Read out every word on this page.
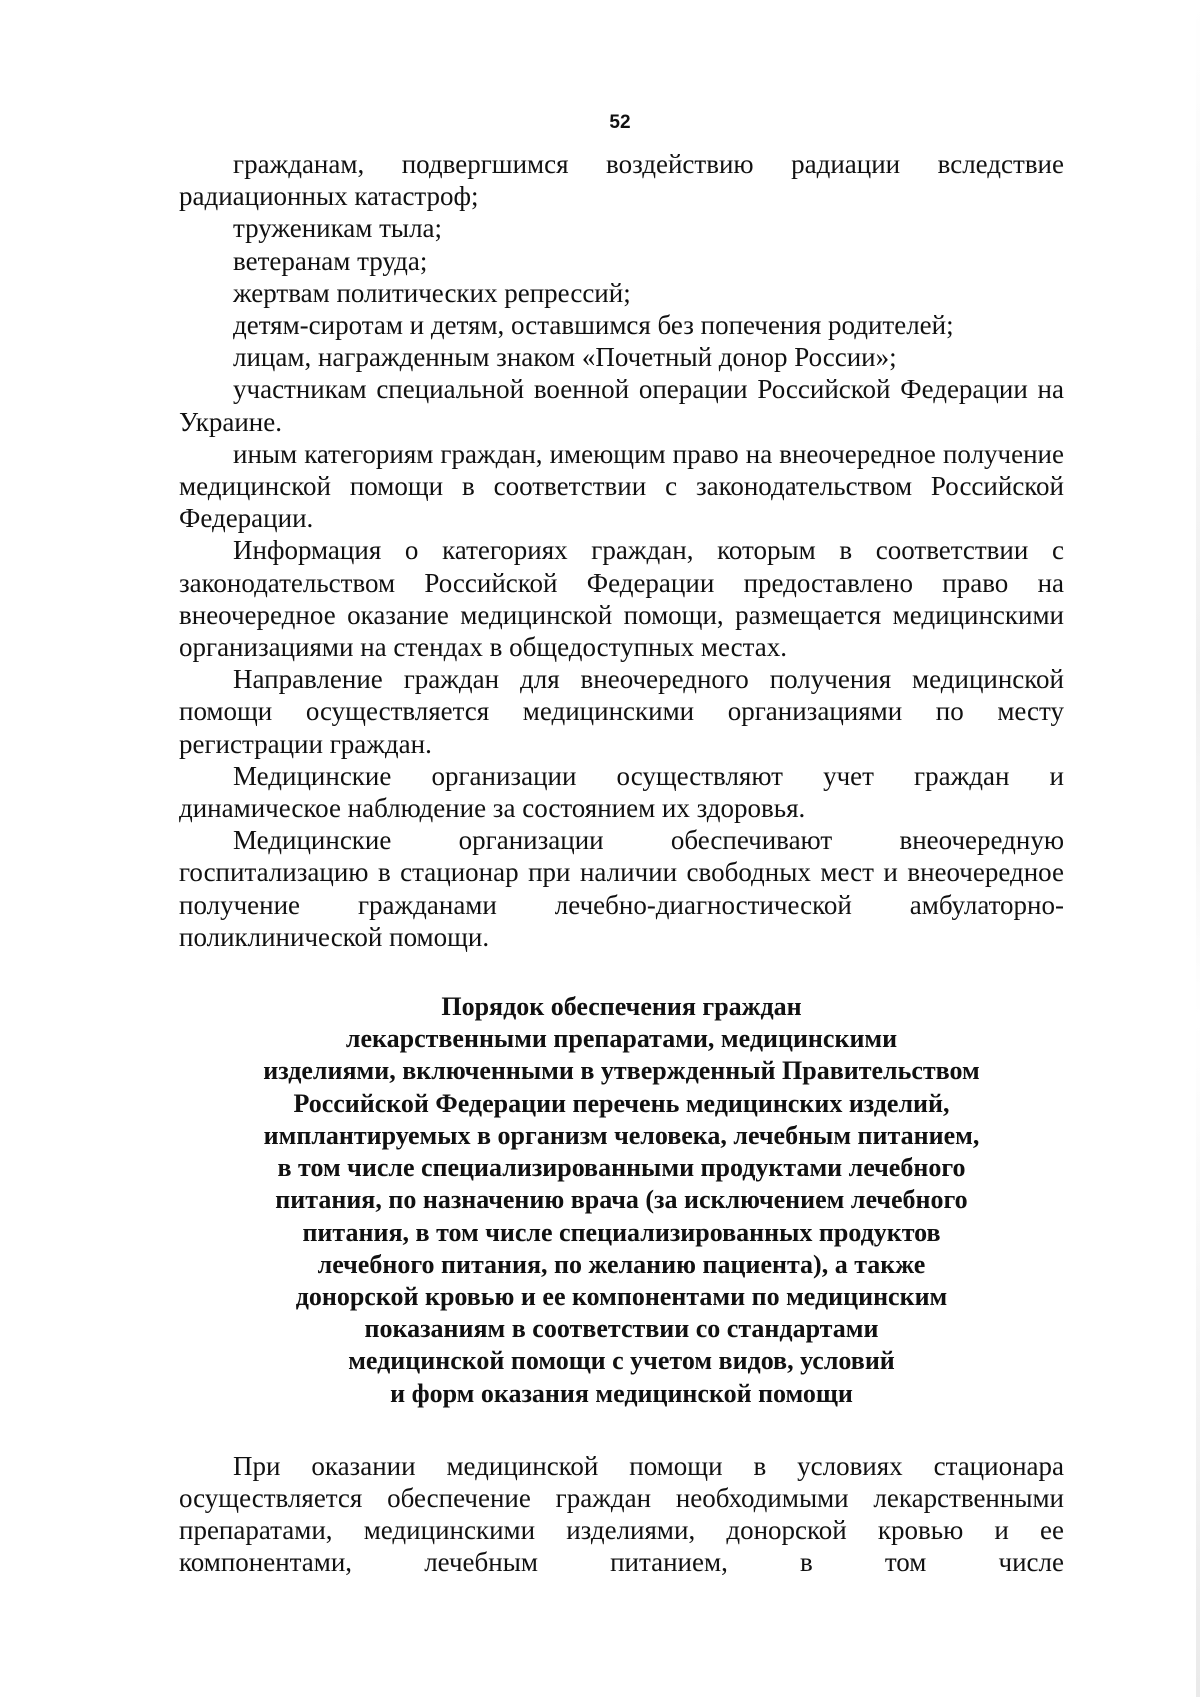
52

гражданам, подвергшимся воздействию радиации вследствие радиационных катастроф;

труженикам тыла;

ветеранам труда;

жертвам политических репрессий;

детям-сиротам и детям, оставшимся без попечения родителей;

лицам, награжденным знаком «Почетный донор России»;

участникам специальной военной операции Российской Федерации на Украине.

иным категориям граждан, имеющим право на внеочередное получение медицинской помощи в соответствии с законодательством Российской Федерации.

Информация о категориях граждан, которым в соответствии с законодательством Российской Федерации предоставлено право на внеочередное оказание медицинской помощи, размещается медицинскими организациями на стендах в общедоступных местах.

Направление граждан для внеочередного получения медицинской помощи осуществляется медицинскими организациями по месту регистрации граждан.

Медицинские организации осуществляют учет граждан и динамическое наблюдение за состоянием их здоровья.

Медицинские организации обеспечивают внеочередную госпитализацию в стационар при наличии свободных мест и внеочередное получение гражданами лечебно-диагностической амбулаторно-поликлинической помощи.

Порядок обеспечения граждан
лекарственными препаратами, медицинскими
изделиями, включенными в утвержденный Правительством
Российской Федерации перечень медицинских изделий,
имплантируемых в организм человека, лечебным питанием,
в том числе специализированными продуктами лечебного
питания, по назначению врача (за исключением лечебного
питания, в том числе специализированных продуктов
лечебного питания, по желанию пациента), а также
донорской кровью и ее компонентами по медицинским
показаниям в соответствии со стандартами
медицинской помощи с учетом видов, условий
и форм оказания медицинской помощи

При оказании медицинской помощи в условиях стационара осуществляется обеспечение граждан необходимыми лекарственными препаратами, медицинскими изделиями, донорской кровью и ее компонентами, лечебным питанием, в том числе
